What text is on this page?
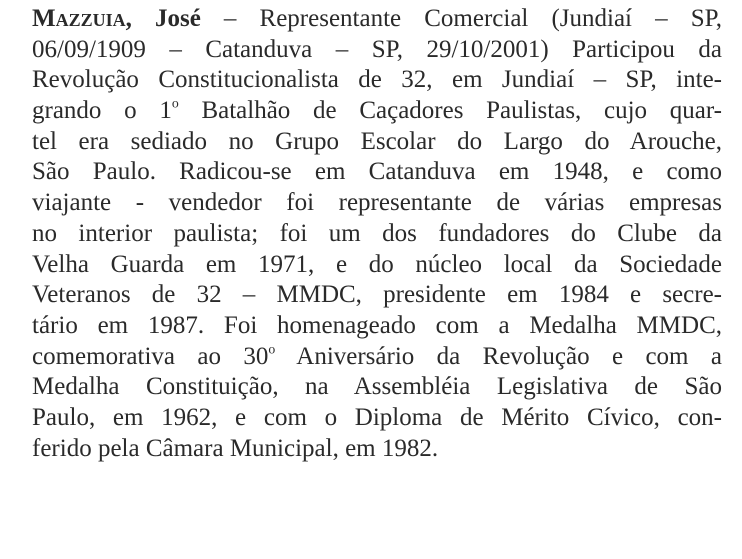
Mazzuia, José – Representante Comercial (Jundiaí – SP,
06/09/1909 – Catanduva – SP, 29/10/2001) Participou da
Revolução Constitucionalista de 32, em Jundiaí – SP, inte-
grando o 1$^o$ Batalhão de Caçadores Paulistas, cujo quar-
tel era sediado no Grupo Escolar do Largo do Arouche,
São Paulo. Radicou-se em Catanduva em 1948, e como
viajante - vendedor foi representante de várias empresas
no interior paulista; foi um dos fundadores do Clube da
Velha Guarda em 1971, e do núcleo local da Sociedade
Veteranos de 32 – MMDC, presidente em 1984 e secre-
tário em 1987. Foi homenageado com a Medalha MMDC,
comemorativa ao 30$^o$ Aniversário da Revolução e com a
Medalha Constituição, na Assembléia Legislativa de São
Paulo, em 1962, e com o Diploma de Mérito Cívico, con-
ferido pela Câmara Municipal, em 1982.
